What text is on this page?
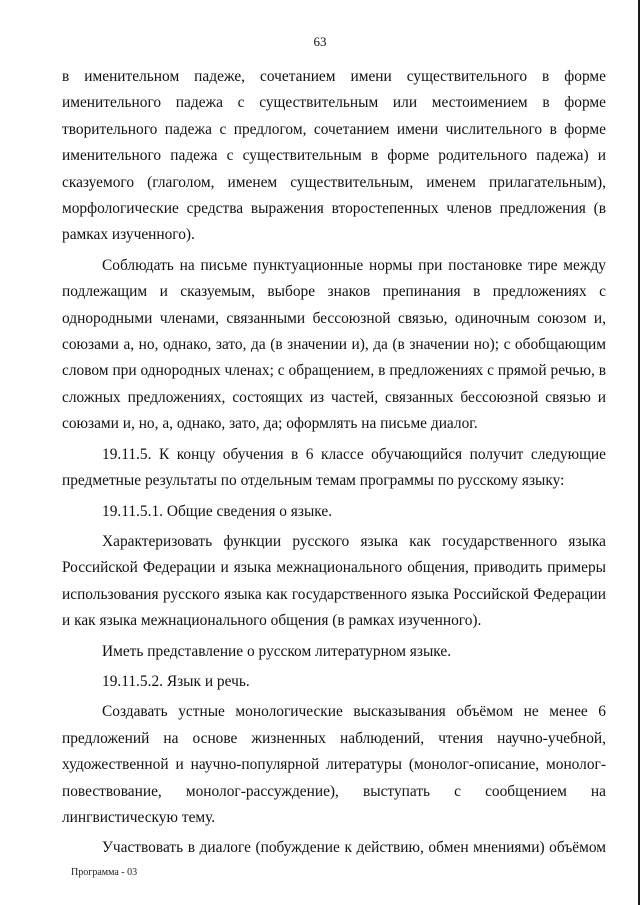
63

в именительном падеже, сочетанием имени существительного в форме именительного падежа с существительным или местоимением в форме творительного падежа с предлогом, сочетанием имени числительного в форме именительного падежа с существительным в форме родительного падежа) и сказуемого (глаголом, именем существительным, именем прилагательным), морфологические средства выражения второстепенных членов предложения (в рамках изученного).

Соблюдать на письме пунктуационные нормы при постановке тире между подлежащим и сказуемым, выборе знаков препинания в предложениях с однородными членами, связанными бессоюзной связью, одиночным союзом и, союзами а, но, однако, зато, да (в значении и), да (в значении но); с обобщающим словом при однородных членах; с обращением, в предложениях с прямой речью, в сложных предложениях, состоящих из частей, связанных бессоюзной связью и союзами и, но, а, однако, зато, да; оформлять на письме диалог.

19.11.5. К концу обучения в 6 классе обучающийся получит следующие предметные результаты по отдельным темам программы по русскому языку:

19.11.5.1. Общие сведения о языке.

Характеризовать функции русского языка как государственного языка Российской Федерации и языка межнационального общения, приводить примеры использования русского языка как государственного языка Российской Федерации и как языка межнационального общения (в рамках изученного).

Иметь представление о русском литературном языке.

19.11.5.2. Язык и речь.

Создавать устные монологические высказывания объёмом не менее 6 предложений на основе жизненных наблюдений, чтения научно-учебной, художественной и научно-популярной литературы (монолог-описание, монолог-повествование, монолог-рассуждение), выступать с сообщением на лингвистическую тему.

Участвовать в диалоге (побуждение к действию, обмен мнениями) объёмом

Программа - 03
